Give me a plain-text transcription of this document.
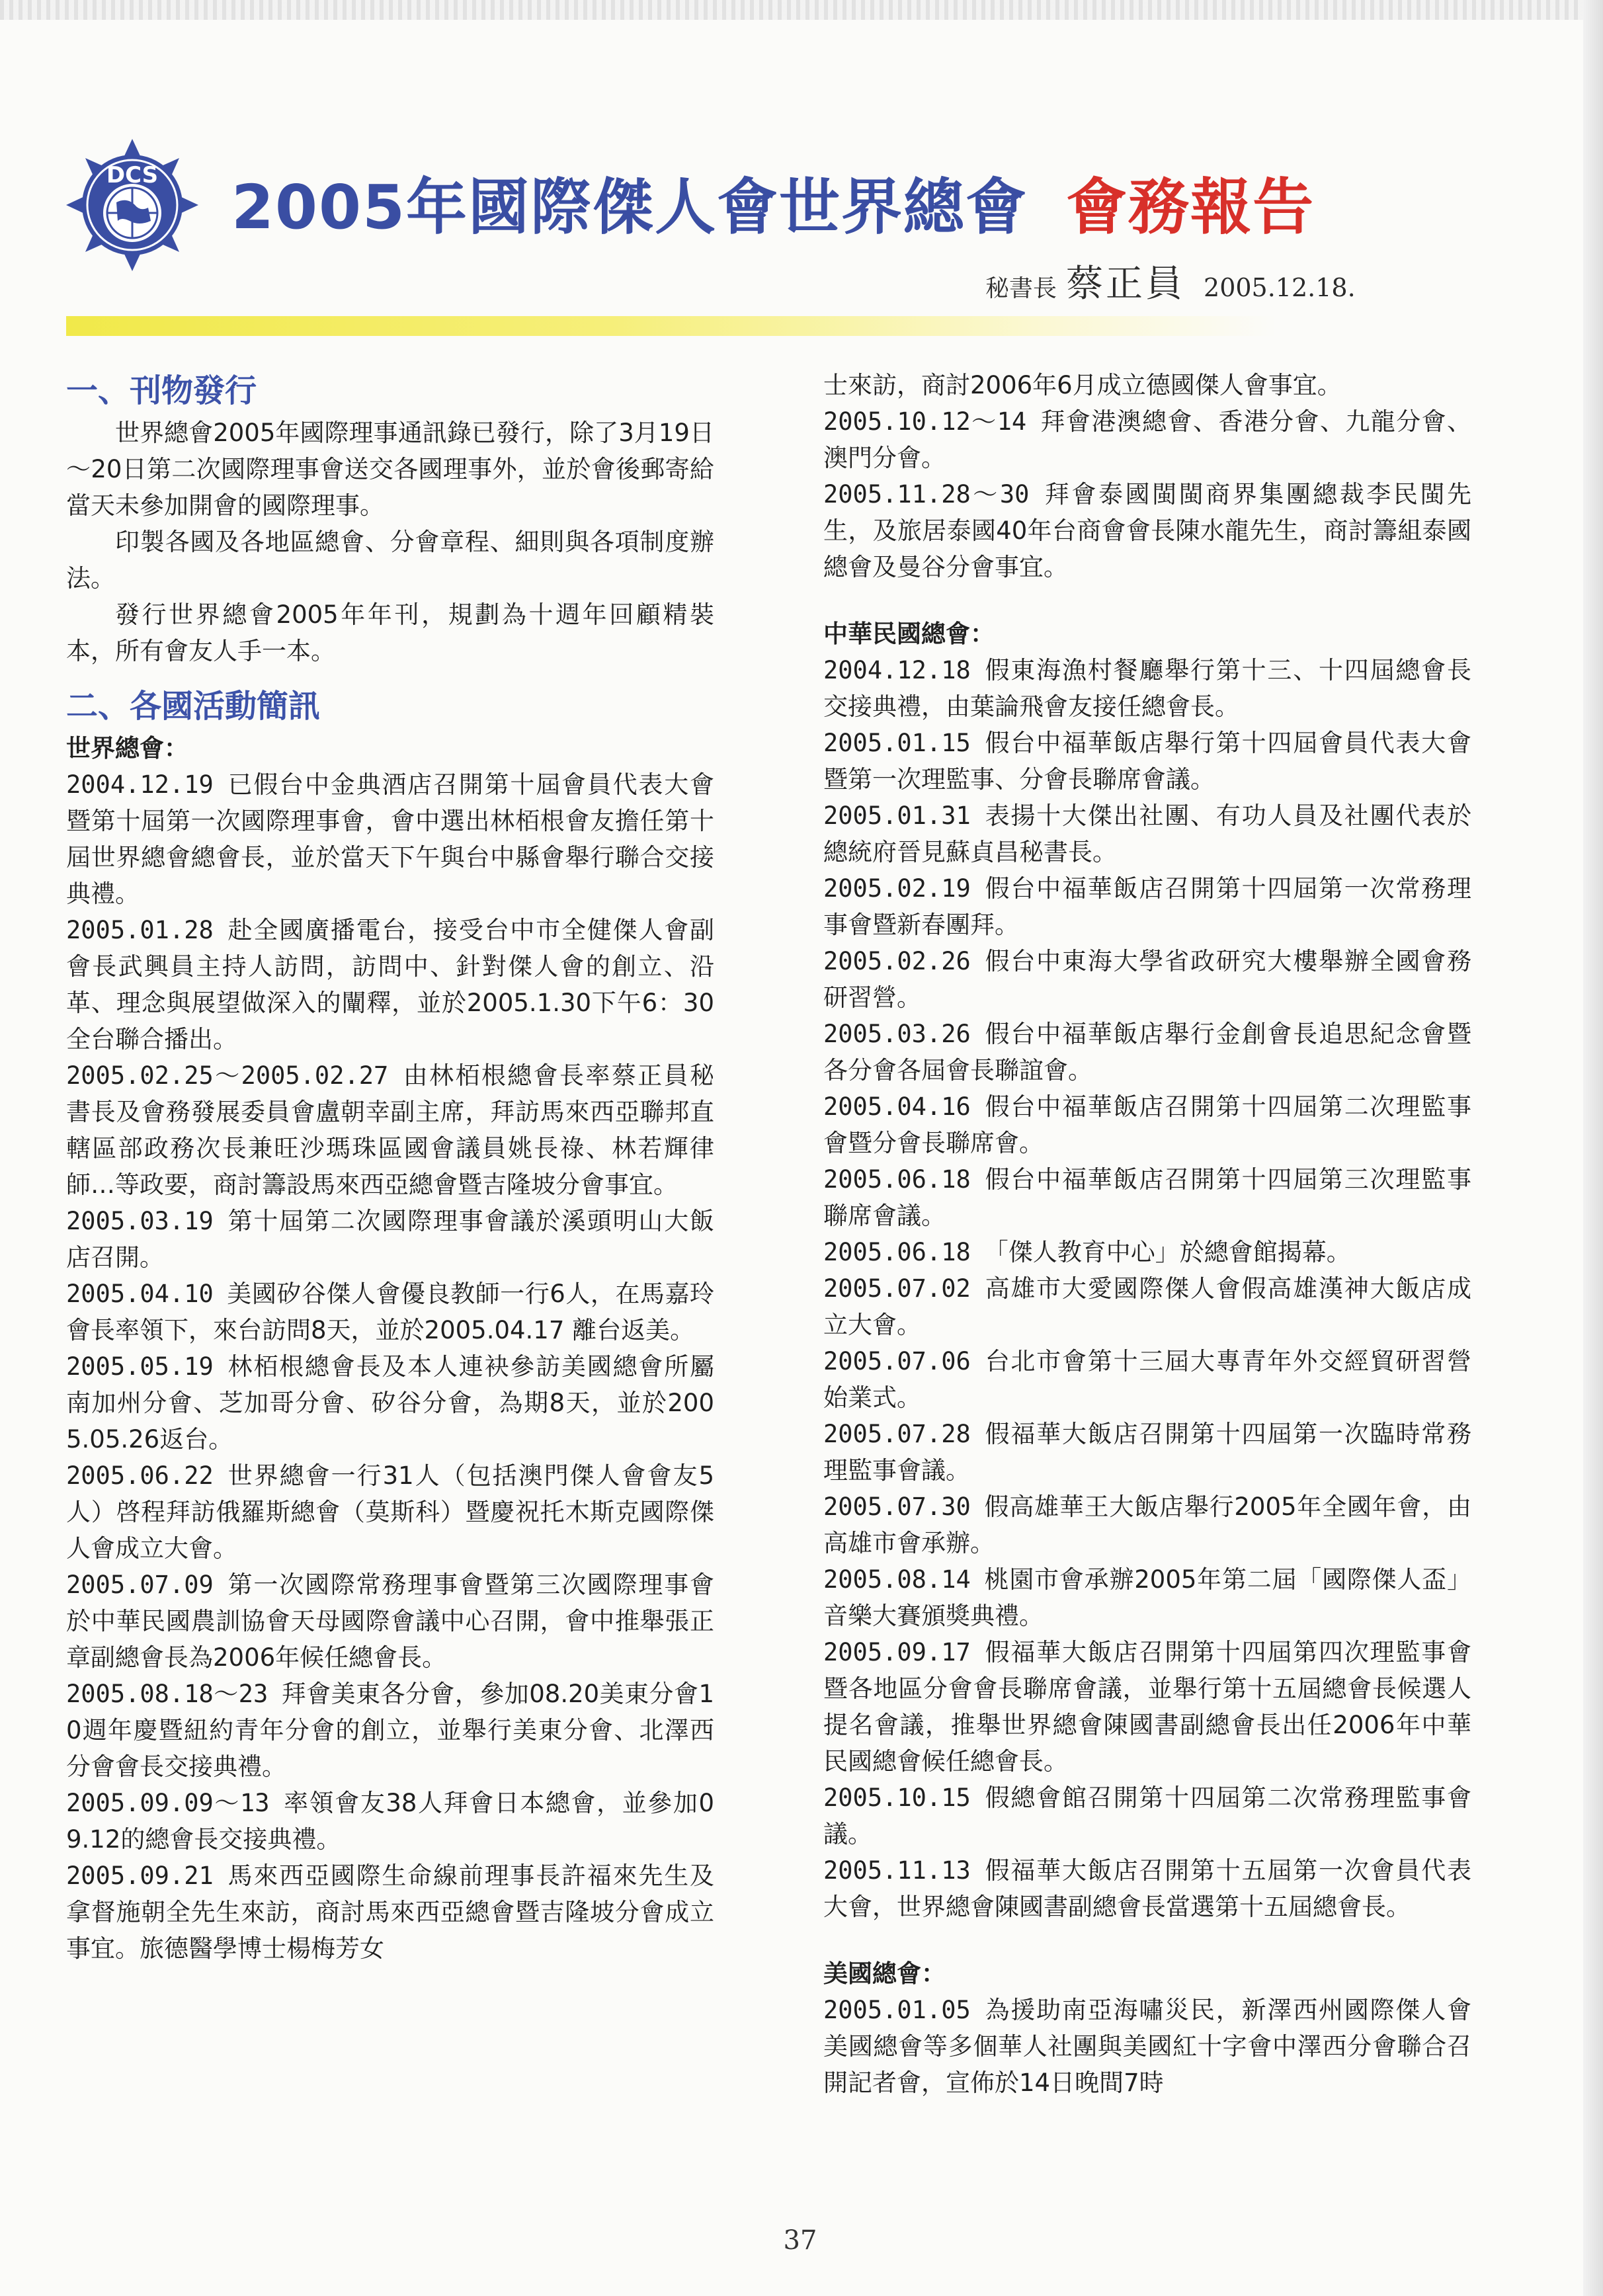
DCS 2005年國際傑人會世界總會 會務報告
秘書長 蔡正員 2005.12.18.

一、刊物發行

世界總會2005年國際理事通訊錄已發行，除了3月19日～20日第二次國際理事會送交各國理事外，並於會後郵寄給當天未參加開會的國際理事。

印製各國及各地區總會、分會章程、細則與各項制度辦法。

發行世界總會2005年年刊，規劃為十週年回顧精裝本，所有會友人手一本。

二、各國活動簡訊

世界總會：

2004.12.19 已假台中金典酒店召開第十屆會員代表大會暨第十屆第一次國際理事會，會中選出林栢根會友擔任第十屆世界總會總會長，並於當天下午與台中縣會舉行聯合交接典禮。

2005.01.28 赴全國廣播電台，接受台中市全健傑人會副會長武興員主持人訪問，訪問中、針對傑人會的創立、沿革、理念與展望做深入的闡釋，並於2005.1.30下午6：30全台聯合播出。

2005.02.25～2005.02.27 由林栢根總會長率蔡正員秘書長及會務發展委員會盧朝幸副主席，拜訪馬來西亞聯邦直轄區部政務次長兼旺沙瑪珠區國會議員姚長祿、林若輝律師…等政要，商討籌設馬來西亞總會暨吉隆坡分會事宜。

2005.03.19 第十屆第二次國際理事會議於溪頭明山大飯店召開。

2005.04.10 美國矽谷傑人會優良教師一行6人，在馬嘉玲會長率領下，來台訪問8天，並於2005.04.17 離台返美。

2005.05.19 林栢根總會長及本人連袂參訪美國總會所屬南加州分會、芝加哥分會、矽谷分會，為期8天，並於2005.05.26返台。

2005.06.22 世界總會一行31人（包括澳門傑人會會友5人）啓程拜訪俄羅斯總會（莫斯科）暨慶祝托木斯克國際傑人會成立大會。

2005.07.09 第一次國際常務理事會暨第三次國際理事會於中華民國農訓協會天母國際會議中心召開，會中推舉張正章副總會長為2006年候任總會長。

2005.08.18～23 拜會美東各分會，參加08.20美東分會10週年慶暨紐約青年分會的創立，並舉行美東分會、北澤西分會會長交接典禮。

2005.09.09～13 率領會友38人拜會日本總會，並參加09.12的總會長交接典禮。

2005.09.21 馬來西亞國際生命線前理事長許福來先生及拿督施朝全先生來訪，商討馬來西亞總會暨吉隆坡分會成立事宜。旅德醫學博士楊梅芳女

士來訪，商討2006年6月成立德國傑人會事宜。

2005.10.12～14 拜會港澳總會、香港分會、九龍分會、澳門分會。

2005.11.28～30 拜會泰國閩閩商界集團總裁李民閩先生，及旅居泰國40年台商會會長陳水龍先生，商討籌組泰國總會及曼谷分會事宜。

中華民國總會：

2004.12.18 假東海漁村餐廳舉行第十三、十四屆總會長交接典禮，由葉論飛會友接任總會長。

2005.01.15 假台中福華飯店舉行第十四屆會員代表大會暨第一次理監事、分會長聯席會議。

2005.01.31 表揚十大傑出社團、有功人員及社團代表於總統府晉見蘇貞昌秘書長。

2005.02.19 假台中福華飯店召開第十四屆第一次常務理事會暨新春團拜。

2005.02.26 假台中東海大學省政研究大樓舉辦全國會務研習營。

2005.03.26 假台中福華飯店舉行金創會長追思紀念會暨各分會各屆會長聯誼會。

2005.04.16 假台中福華飯店召開第十四屆第二次理監事會暨分會長聯席會。

2005.06.18 假台中福華飯店召開第十四屆第三次理監事聯席會議。

2005.06.18 「傑人教育中心」於總會館揭幕。

2005.07.02 高雄市大愛國際傑人會假高雄漢神大飯店成立大會。

2005.07.06 台北市會第十三屆大專青年外交經貿研習營始業式。

2005.07.28 假福華大飯店召開第十四屆第一次臨時常務理監事會議。

2005.07.30 假高雄華王大飯店舉行2005年全國年會，由高雄市會承辦。

2005.08.14 桃園市會承辦2005年第二屆「國際傑人盃」音樂大賽頒獎典禮。

2005.09.17 假福華大飯店召開第十四屆第四次理監事會暨各地區分會會長聯席會議，並舉行第十五屆總會長候選人提名會議，推舉世界總會陳國書副總會長出任2006年中華民國總會候任總會長。

2005.10.15 假總會館召開第十四屆第二次常務理監事會議。

2005.11.13 假福華大飯店召開第十五屆第一次會員代表大會，世界總會陳國書副總會長當選第十五屆總會長。

美國總會：

2005.01.05 為援助南亞海嘯災民，新澤西州國際傑人會美國總會等多個華人社團與美國紅十字會中澤西分會聯合召開記者會，宣佈於14日晚間7時

37
